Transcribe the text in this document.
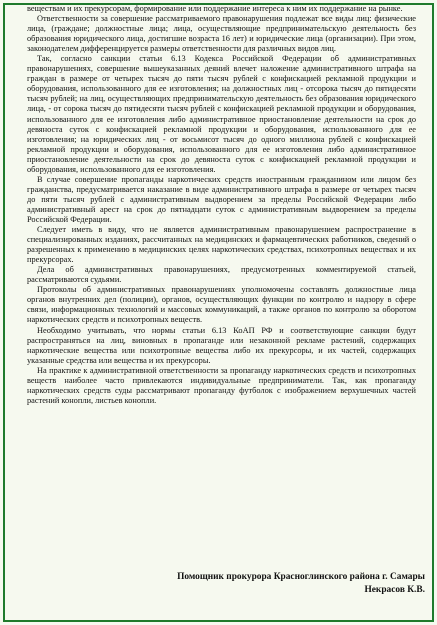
веществам и их прекурсорам, формирование или поддержание интереса к ним их поддержание на рынке.

Ответственности за совершение рассматриваемого правонарушения подлежат все виды лиц: физические лица, (граждане; должностные лица; лица, осуществляющие предпринимательскую деятельность без образования юридического лица, достигшие возраста 16 лет) и юридические лица (организации). При этом, законодателем дифференцируется размеры ответственности для различных видов лиц.

Так, согласно санкции статьи 6.13 Кодекса Российской Федерации об административных правонарушениях, совершение вышеуказанных деяний влечет наложение административного штрафа на граждан в размере от четырех тысяч до пяти тысяч рублей с конфискацией рекламной продукции и оборудования, использованного для ее изготовления; на должностных лиц - отсорока тысяч до пятидесяти тысяч рублей; на лиц, осуществляющих предпринимательскую деятельность без образования юридического лица, - от сорока тысяч до пятидесяти тысяч рублей с конфискацией рекламной продукции и оборудования, использованного для ее изготовления либо административное приостановление деятельности на срок до девяноста суток с конфискацией рекламной продукции и оборудования, использованного для ее изготовления; на юридических лиц - от восьмисот тысяч до одного миллиона рублей с конфискацией рекламной продукции и оборудования, использованного для ее изготовления либо административное приостановление деятельности на срок до девяноста суток с конфискацией рекламной продукции и оборудования, использованного для ее изготовления.

В случае совершение пропаганды наркотических средств иностранным гражданином или лицом без гражданства, предусматривается наказание в виде административного штрафа в размере от четырех тысяч до пяти тысяч рублей с административным выдворением за пределы Российской Федерации либо административный арест на срок до пятнадцати суток с административным выдворением за пределы Российской Федерации.

Следует иметь в виду, что не является административным правонарушением распространение в специализированных изданиях, рассчитанных на медицинских и фармацевтических работников, сведений о разрешенных к применению в медицинских целях наркотических средствах, психотропных веществах и их прекурсорах.

Дела об административных правонарушениях, предусмотренных комментируемой статьей, рассматриваются судьями.

Протоколы об административных правонарушениях уполномочены составлять должностные лица органов внутренних дел (полиции), органов, осуществляющих функции по контролю и надзору в сфере связи, информационных технологий и массовых коммуникаций, а также органов по контролю за оборотом наркотических средств и психотропных веществ.

Необходимо учитывать, что нормы статьи 6.13 КоАП РФ и соответствующие санкции будут распространяться на лиц, виновных в пропаганде или незаконной рекламе растений, содержащих наркотические вещества или психотропные вещества либо их прекурсоры, и их частей, содержащих указанные средства или вещества и их прекурсоры.

На практике к административной ответственности за пропаганду наркотических средств и психотропных веществ наиболее часто привлекаются индивидуальные предприниматели. Так, как пропаганду наркотических средств суды рассматривают пропаганду футболок с изображением верхушечных частей растений конопли, листьев конопли.

Помощник прокурора Красноглинского района г. Самары
Некрасов К.В.
